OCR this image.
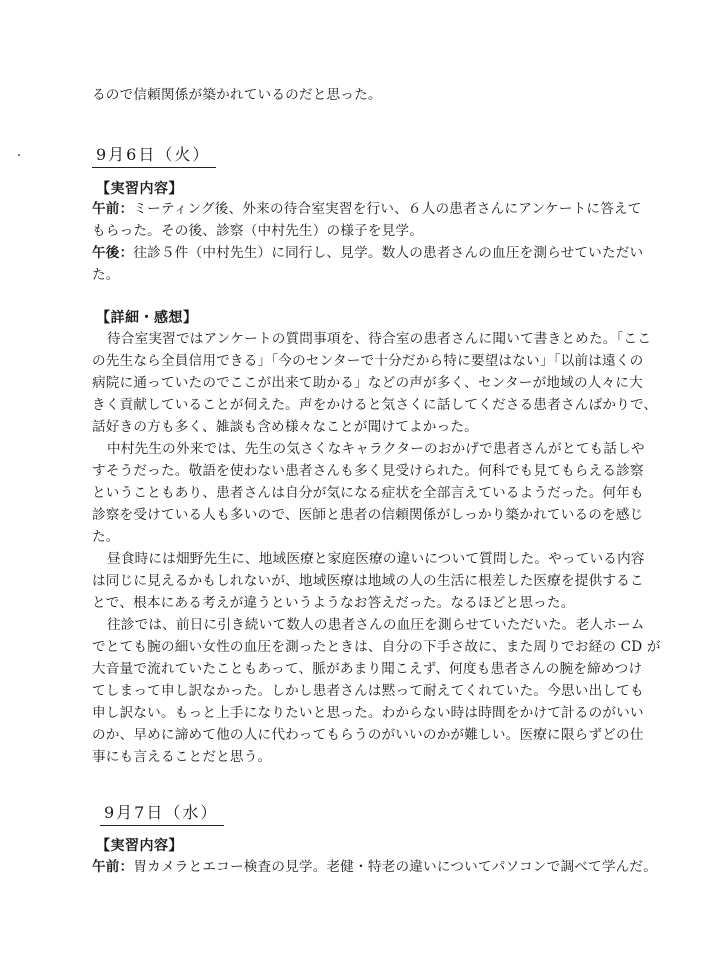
るので信頼関係が築かれているのだと思った。
9月6日（火）
【実習内容】
午前：ミーティング後、外来の待合室実習を行い、６人の患者さんにアンケートに答えて
もらった。その後、診察（中村先生）の様子を見学。
午後：往診５件（中村先生）に同行し、見学。数人の患者さんの血圧を測らせていただい
た。
【詳細・感想】
待合室実習ではアンケートの質問事項を、待合室の患者さんに聞いて書きとめた。「ここ
の先生なら全員信用できる」「今のセンターで十分だから特に要望はない」「以前は遠くの
病院に通っていたのでここが出来て助かる」などの声が多く、センターが地域の人々に大
きく貢献していることが伺えた。声をかけると気さくに話してくださる患者さんばかりで、
話好きの方も多く、雑談も含め様々なことが聞けてよかった。
中村先生の外来では、先生の気さくなキャラクターのおかげで患者さんがとても話しや
すそうだった。敬語を使わない患者さんも多く見受けられた。何科でも見てもらえる診察
ということもあり、患者さんは自分が気になる症状を全部言えているようだった。何年も
診察を受けている人も多いので、医師と患者の信頼関係がしっかり築かれているのを感じ
た。
昼食時には畑野先生に、地域医療と家庭医療の違いについて質問した。やっている内容
は同じに見えるかもしれないが、地域医療は地域の人の生活に根差した医療を提供するこ
とで、根本にある考えが違うというようなお答えだった。なるほどと思った。
往診では、前日に引き続いて数人の患者さんの血圧を測らせていただいた。老人ホーム
でとても腕の細い女性の血圧を測ったときは、自分の下手さ故に、また周りでお経の CD が
大音量で流れていたこともあって、脈があまり聞こえず、何度も患者さんの腕を締めつけ
てしまって申し訳なかった。しかし患者さんは黙って耐えてくれていた。今思い出しても
申し訳ない。もっと上手になりたいと思った。わからない時は時間をかけて計るのがいい
のか、早めに諦めて他の人に代わってもらうのがいいのかが難しい。医療に限らずどの仕
事にも言えることだと思う。
9月7日（水）
【実習内容】
午前：胃カメラとエコー検査の見学。老健・特老の違いについてパソコンで調べて学んだ。
